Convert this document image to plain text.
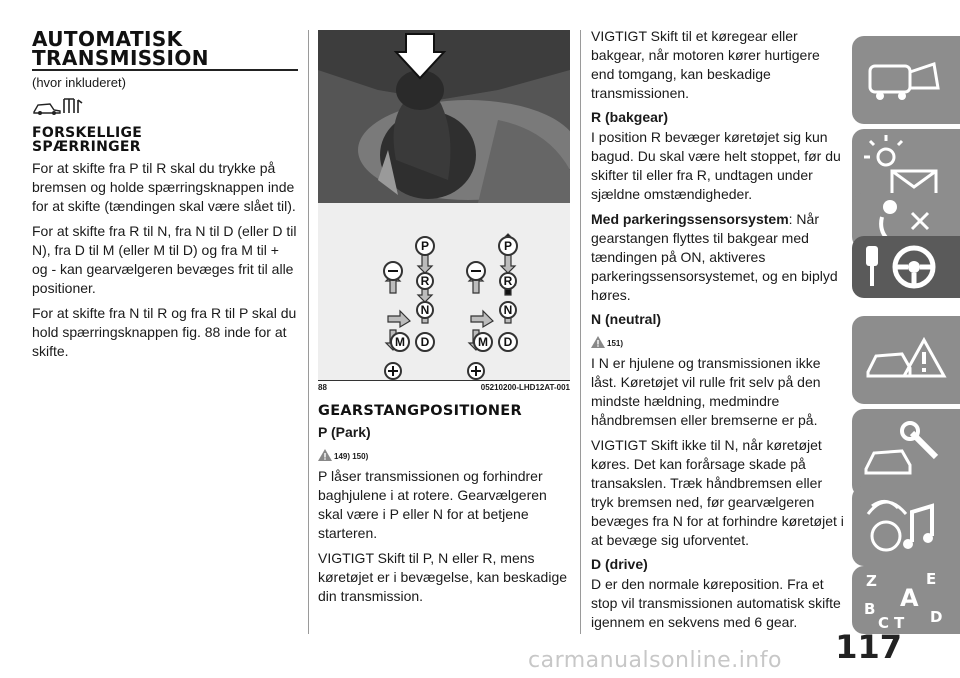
AUTOMATISK
TRANSMISSION
(hvor inkluderet)
FORSKELLIGE
SPÆRRINGER

For at skifte fra P til R skal du trykke på bremsen og holde spærringsknappen inde for at skifte (tændingen skal være slået til).

For at skifte fra R til N, fra N til D (eller D til N), fra D til M (eller M til D) og fra M til + og - kan gearvælgeren bevæges frit til alle positioner.

For at skifte fra N til R og fra R til P skal du hold spærringsknappen fig. 88 inde for at skifte.

P
R
N
M D
P
R
N
M D
88	05210200-LHD12AT-001
GEARSTANGPOSITIONER
P (Park)
149) 150)

P låser transmissionen og forhindrer baghjulene i at rotere. Gearvælgeren skal være i P eller N for at betjene starteren.

VIGTIGT Skift til P, N eller R, mens køretøjet er i bevægelse, kan beskadige din transmission.

VIGTIGT Skift til et køregear eller bakgear, når motoren kører hurtigere end tomgang, kan beskadige transmissionen.

R (bakgear)

I position R bevæger køretøjet sig kun bagud. Du skal være helt stoppet, før du skifter til eller fra R, undtagen under sjældne omstændigheder.

Med parkeringssensorsystem: Når gearstangen flyttes til bakgear med tændingen på ON, aktiveres parkeringssensorsystemet, og en biplyd høres.

N (neutral)
151)

I N er hjulene og transmissionen ikke låst. Køretøjet vil rulle frit selv på den mindste hældning, medmindre håndbremsen eller bremserne er på.

VIGTIGT Skift ikke til N, når køretøjet køres. Det kan forårsage skade på transakslen. Træk håndbremsen eller tryk bremsen ned, før gearvælgeren bevæges fra N for at forhindre køretøjet i at bevæge sig uforventet.

D (drive)

D er den normale køreposition. Fra et stop vil transmissionen automatisk skifte igennem en sekvens med 6 gear.

Z	E
A
B
C T D
117
carmanualsonline.info
